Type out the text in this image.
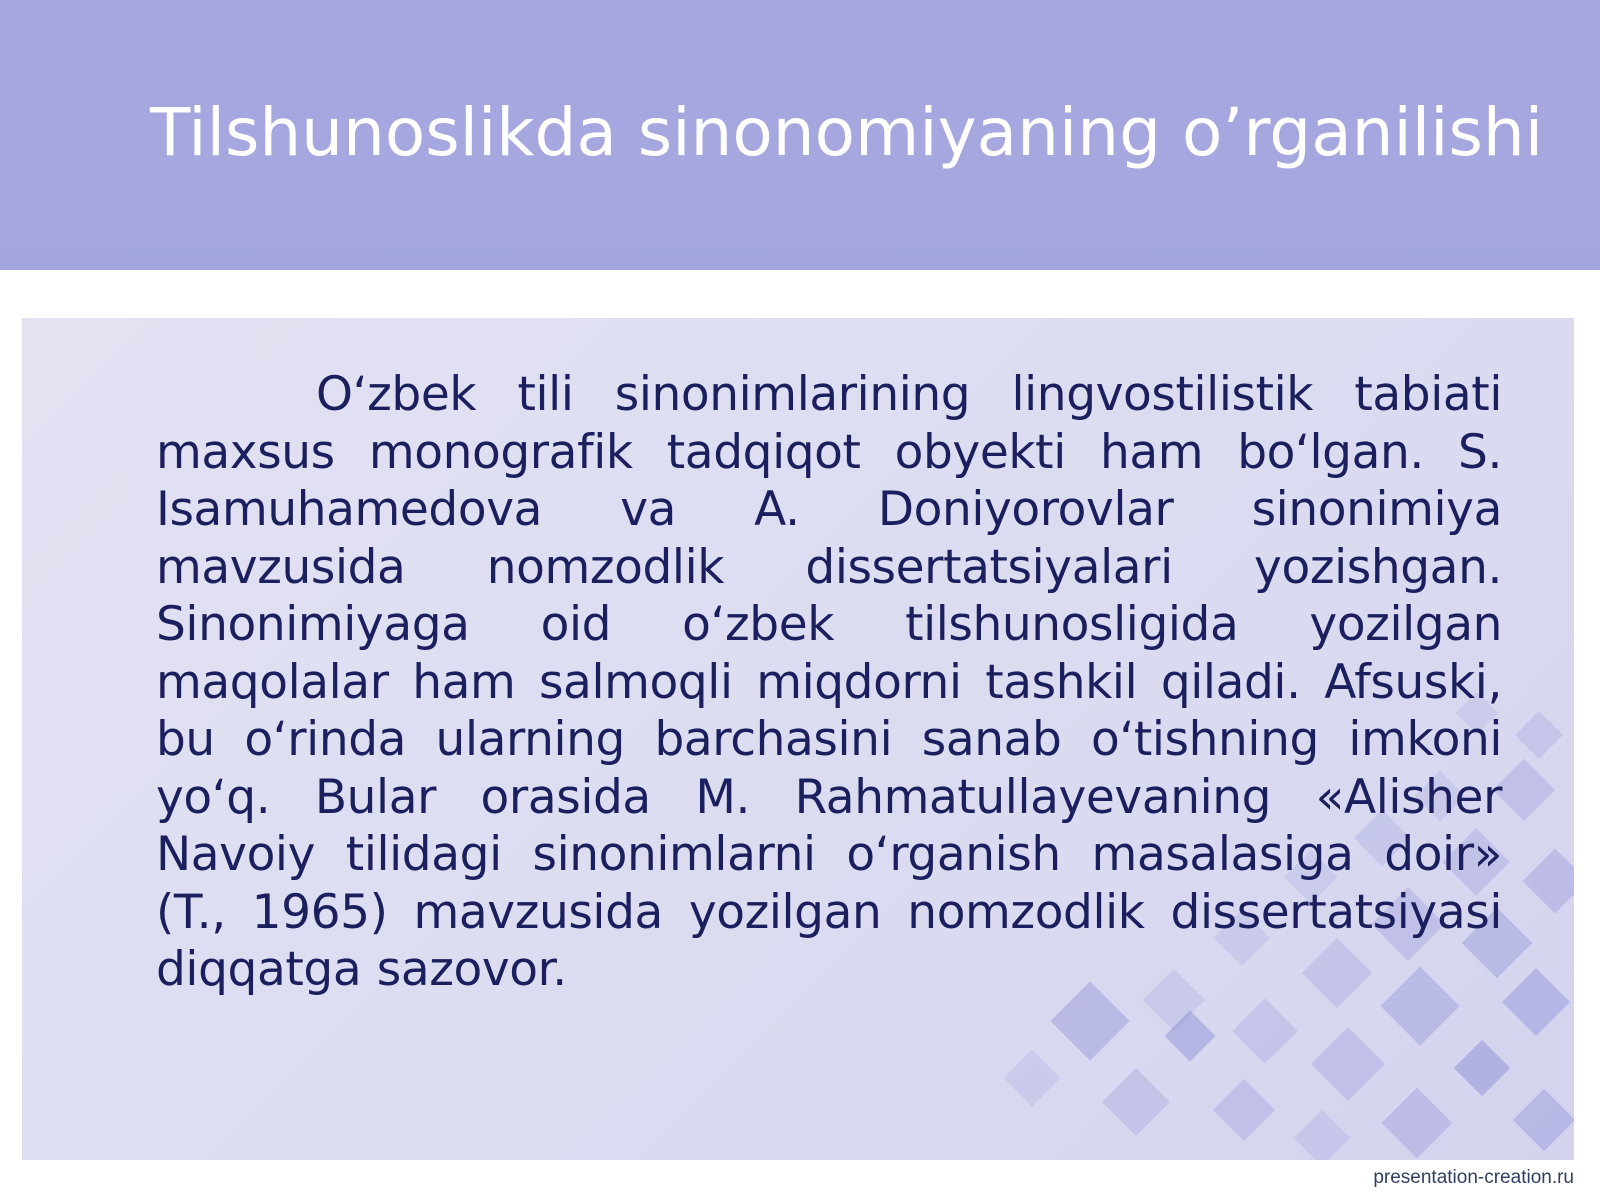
Tilshunoslikda sinonomiyaning o’rganilishi

O‘zbek tili sinonimlarining lingvostilistik tabiati maxsus monografik tadqiqot obyekti ham bo‘lgan. S. Isamuhamedova va A. Doniyorovlar sinonimiya mavzusida nomzodlik dissertatsiyalari yozishgan. Sinonimiyaga oid o‘zbek tilshunosligida yozilgan maqolalar ham salmoqli miqdorni tashkil qiladi. Afsuski, bu o‘rinda ularning barchasini sanab o‘tishning imkoni yo‘q. Bular orasida M. Rahmatullayevaning «Alisher Navoiy tilidagi sinonimlarni o‘rganish masalasiga doir» (T., 1965) mavzusida yozilgan nomzodlik dissertatsiyasi diqqatga sazovor.

presentation-creation.ru
